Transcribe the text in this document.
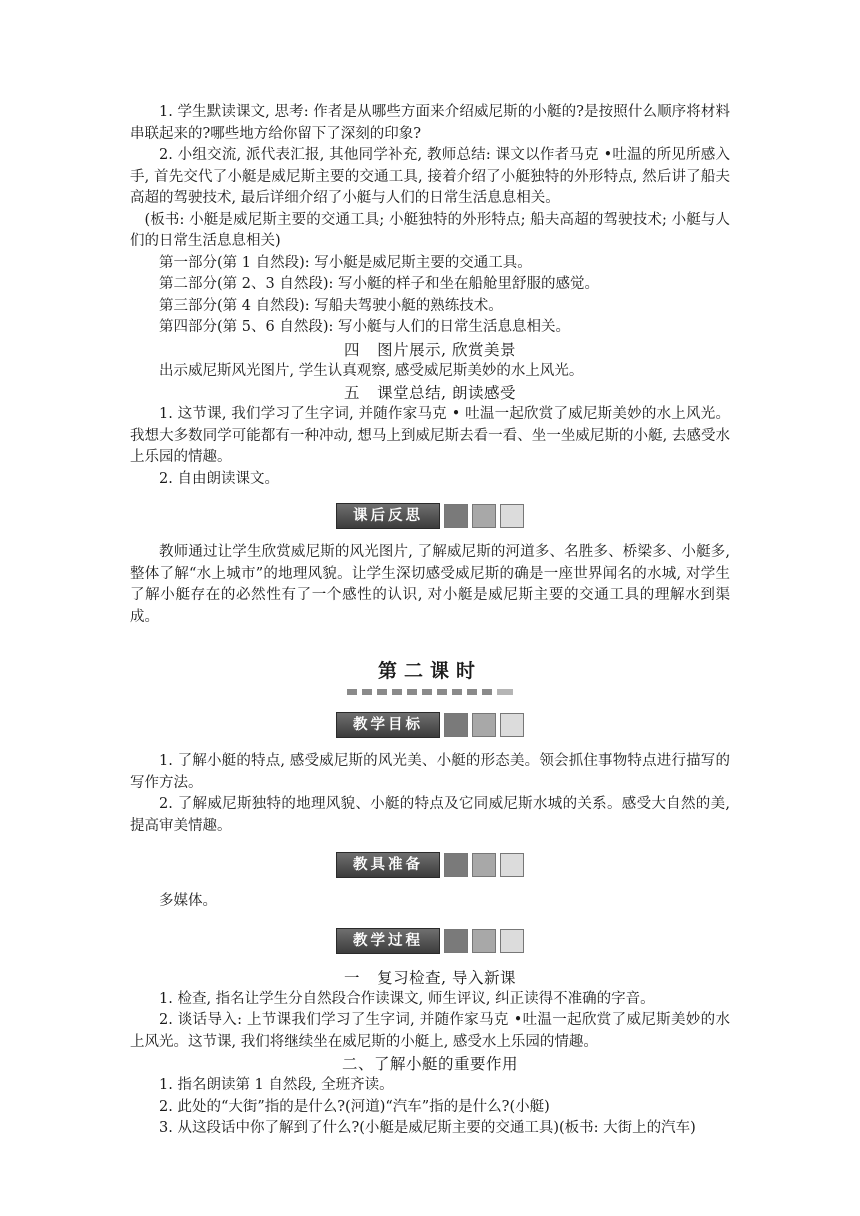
1. 学生默读课文, 思考: 作者是从哪些方面来介绍威尼斯的小艇的?是按照什么顺序将材料串联起来的?哪些地方给你留下了深刻的印象?

2. 小组交流, 派代表汇报, 其他同学补充, 教师总结: 课文以作者马克 •吐温的所见所感入手, 首先交代了小艇是威尼斯主要的交通工具, 接着介绍了小艇独特的外形特点, 然后讲了船夫高超的驾驶技术, 最后详细介绍了小艇与人们的日常生活息息相关。

(板书: 小艇是威尼斯主要的交通工具; 小艇独特的外形特点; 船夫高超的驾驶技术; 小艇与人们的日常生活息息相关)

第一部分(第 1 自然段): 写小艇是威尼斯主要的交通工具。

第二部分(第 2、3 自然段): 写小艇的样子和坐在船舱里舒服的感觉。

第三部分(第 4 自然段): 写船夫驾驶小艇的熟练技术。

第四部分(第 5、6 自然段): 写小艇与人们的日常生活息息相关。

四 图片展示, 欣赏美景

出示威尼斯风光图片, 学生认真观察, 感受威尼斯美妙的水上风光。

五 课堂总结, 朗读感受

1. 这节课, 我们学习了生字词, 并随作家马克 • 吐温一起欣赏了威尼斯美妙的水上风光。我想大多数同学可能都有一种冲动, 想马上到威尼斯去看一看、坐一坐威尼斯的小艇, 去感受水上乐园的情趣。

2. 自由朗读课文。

课后反思

教师通过让学生欣赏威尼斯的风光图片, 了解威尼斯的河道多、名胜多、桥梁多、小艇多, 整体了解“水上城市”的地理风貌。让学生深切感受威尼斯的确是一座世界闻名的水城, 对学生了解小艇存在的必然性有了一个感性的认识, 对小艇是威尼斯主要的交通工具的理解水到渠成。

第二课时
教学目标

1. 了解小艇的特点, 感受威尼斯的风光美、小艇的形态美。领会抓住事物特点进行描写的写作方法。

2. 了解威尼斯独特的地理风貌、小艇的特点及它同威尼斯水城的关系。感受大自然的美, 提高审美情趣。

教具准备

多媒体。

教学过程
一 复习检查, 导入新课

1. 检查, 指名让学生分自然段合作读课文, 师生评议, 纠正读得不准确的字音。

2. 谈话导入: 上节课我们学习了生字词, 并随作家马克 •吐温一起欣赏了威尼斯美妙的水上风光。这节课, 我们将继续坐在威尼斯的小艇上, 感受水上乐园的情趣。

二、了解小艇的重要作用

1. 指名朗读第 1 自然段, 全班齐读。

2. 此处的“大街”指的是什么?(河道)“汽车”指的是什么?(小艇)

3. 从这段话中你了解到了什么?(小艇是威尼斯主要的交通工具)(板书: 大街上的汽车)
